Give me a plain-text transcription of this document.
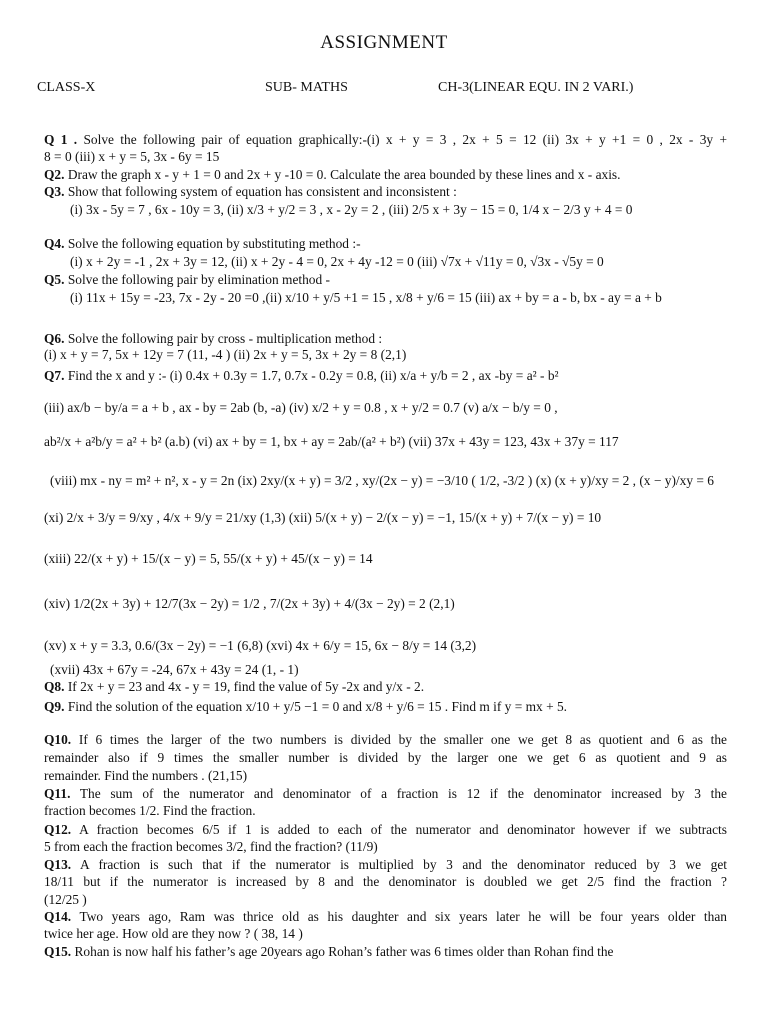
ASSIGNMENT
CLASS-X	SUB- MATHS	CH-3(LINEAR EQU. IN 2 VARI.)
Q 1 . Solve the following pair of equation graphically:-(i) x + y = 3 , 2x + 5 = 12 (ii) 3x + y +1 = 0 , 2x - 3y +
8 = 0 (iii) x + y = 5, 3x - 6y = 15
Q2. Draw the graph x - y + 1 = 0 and 2x + y -10 = 0. Calculate the area bounded by these lines and x - axis.
Q3. Show that following system of equation has consistent and inconsistent :
(i) 3x - 5y = 7 , 6x - 10y = 3, (ii) x/3 + y/2 = 3 , x - 2y = 2 , (iii) 2/5 x + 3y − 15 = 0, 1/4 x − 2/3 y + 4 = 0
Q4. Solve the following equation by substituting method :-
(i) x + 2y = -1 , 2x + 3y = 12, (ii) x + 2y - 4 = 0, 2x + 4y -12 = 0 (iii) √7x + √11y = 0, √3x - √5y = 0
Q5. Solve the following pair by elimination method -
(i) 11x + 15y = -23, 7x - 2y - 20 =0 ,(ii) x/10 + y/5 +1 = 15 , x/8 + y/6 = 15 (iii) ax + by = a - b, bx - ay = a + b
Q6. Solve the following pair by cross - multiplication method :
(i) x + y = 7, 5x + 12y = 7 (11, -4 ) (ii) 2x + y = 5, 3x + 2y = 8 (2,1)
Q7. Find the x and y :- (i) 0.4x + 0.3y = 1.7, 0.7x - 0.2y = 0.8, (ii) x/a + y/b = 2 , ax -by = a² - b²
(iii) ax/b − by/a = a + b , ax - by = 2ab (b, -a) (iv) x/2 + y = 0.8 , x + y/2 = 0.7 (v) a/x − b/y = 0 ,
ab²/x + a²b/y = a² + b² (a.b) (vi) ax + by = 1, bx + ay = 2ab/(a² + b²) (vii) 37x + 43y = 123, 43x + 37y = 117
(viii) mx - ny = m² + n², x - y = 2n (ix) 2xy/(x + y) = 3/2 , xy/(2x − y) = −3/10 ( 1/2, -3/2 ) (x) (x + y)/xy = 2 , (x − y)/xy = 6
(xi) 2/x + 3/y = 9/xy , 4/x + 9/y = 21/xy (1,3) (xii) 5/(x + y) − 2/(x − y) = −1, 15/(x + y) + 7/(x − y) = 10
(xiii) 22/(x + y) + 15/(x − y) = 5, 55/(x + y) + 45/(x − y) = 14
(xiv) 1/2(2x + 3y) + 12/7(3x − 2y) = 1/2 , 7/(2x + 3y) + 4/(3x − 2y) = 2 (2,1)
(xv) x + y = 3.3, 0.6/(3x − 2y) = −1 (6,8) (xvi) 4x + 6/y = 15, 6x − 8/y = 14 (3,2)
(xvii) 43x + 67y = -24, 67x + 43y = 24 (1, - 1)
Q8. If 2x + y = 23 and 4x - y = 19, find the value of 5y -2x and y/x - 2.
Q9. Find the solution of the equation x/10 + y/5 −1 = 0 and x/8 + y/6 = 15 . Find m if y = mx + 5.
Q10. If 6 times the larger of the two numbers is divided by the smaller one we get 8 as quotient and 6 as the
remainder also if 9 times the smaller number is divided by the larger one we get 6 as quotient and 9 as
remainder. Find the numbers . (21,15)
Q11. The sum of the numerator and denominator of a fraction is 12 if the denominator increased by 3 the
fraction becomes 1/2. Find the fraction.
Q12. A fraction becomes 6/5 if 1 is added to each of the numerator and denominator however if we subtracts
5 from each the fraction becomes 3/2, find the fraction? (11/9)
Q13. A fraction is such that if the numerator is multiplied by 3 and the denominator reduced by 3 we get
18/11 but if the numerator is increased by 8 and the denominator is doubled we get 2/5 find the fraction ?
(12/25 )
Q14. Two years ago, Ram was thrice old as his daughter and six years later he will be four years older than
twice her age. How old are they now ? ( 38, 14 )
Q15. Rohan is now half his father’s age 20years ago Rohan’s father was 6 times older than Rohan find the
